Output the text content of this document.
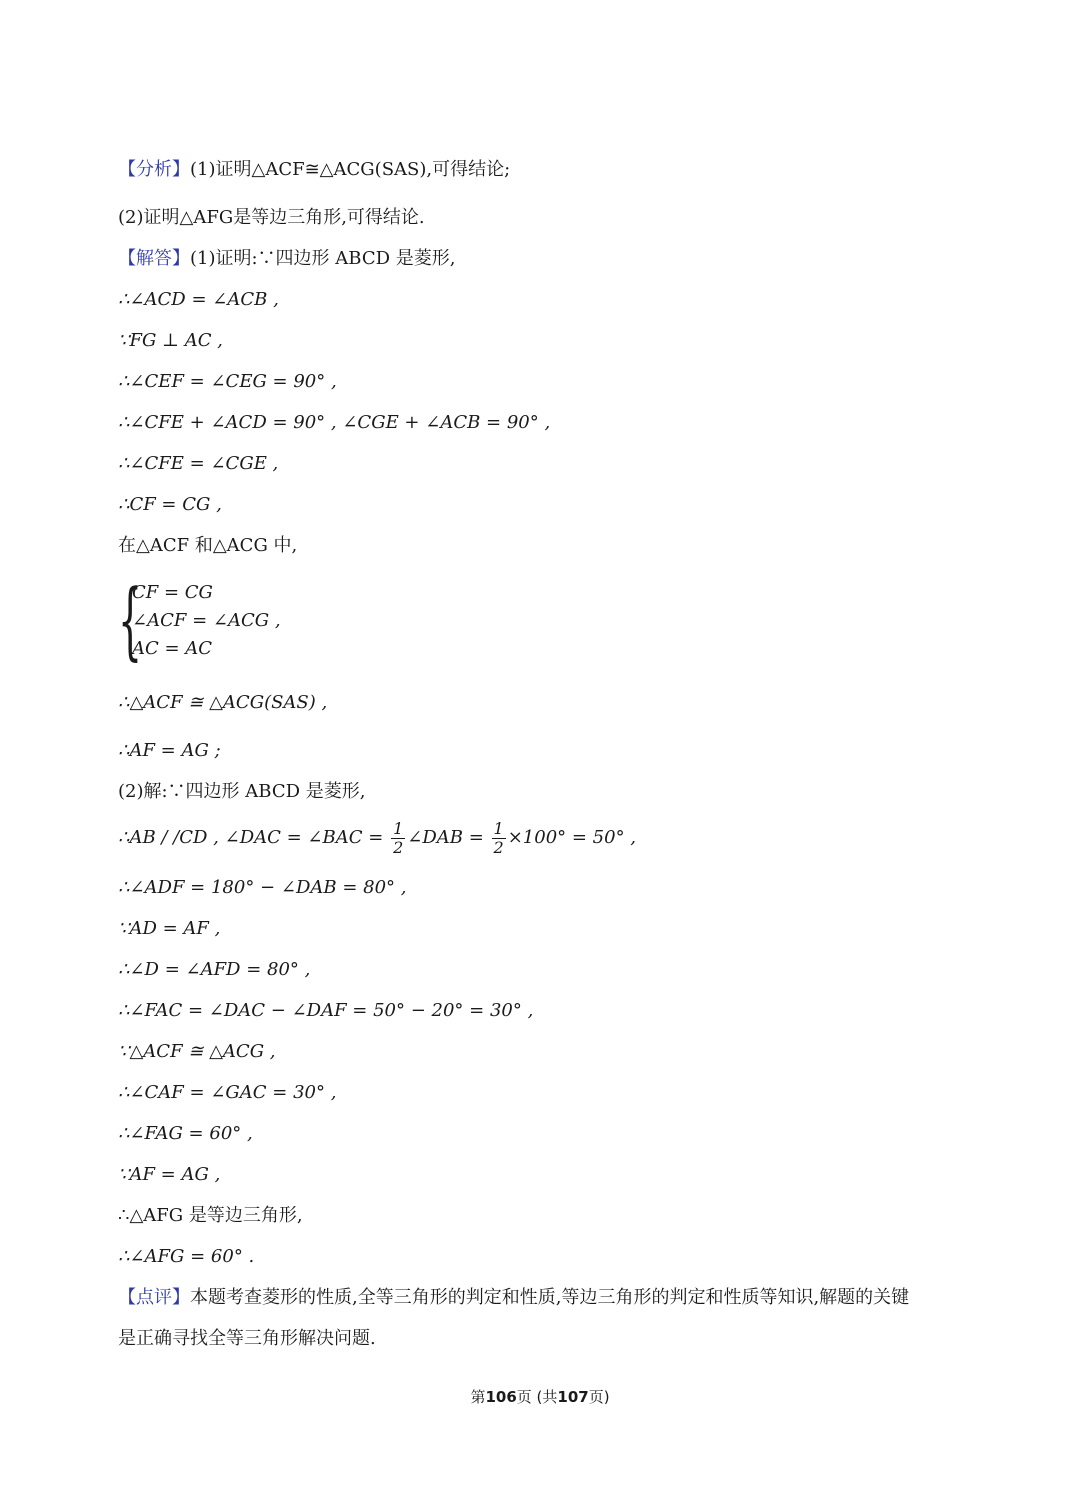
【分析】(1)证明△ACF≅△ACG(SAS),可得结论;
(2)证明△AFG是等边三角形,可得结论.
【解答】(1)证明:∵四边形 ABCD 是菱形,
∴∠ACD = ∠ACB ,
∵FG ⊥ AC ,
∴∠CEF = ∠CEG = 90° ,
∴∠CFE + ∠ACD = 90° , ∠CGE + ∠ACB = 90° ,
∴∠CFE = ∠CGE ,
∴CF = CG ,
在△ACF 和△ACG 中,
{
CF = CG
∠ACF = ∠ACG ,
AC = AC
∴△ACF ≅ △ACG(SAS) ,
∴AF = AG ;
(2)解:∵四边形 ABCD 是菱形,
∴AB / /CD , ∠DAC = ∠BAC = $\frac{1}{2}$ ∠DAB = $\frac{1}{2} \times 100^\circ = 50^\circ$ ,
∴∠ADF = 180° − ∠DAB = 80° ,
∵AD = AF ,
∴∠D = ∠AFD = 80° ,
∴∠FAC = ∠DAC − ∠DAF = 50° − 20° = 30° ,
∵△ACF ≅ △ACG ,
∴∠CAF = ∠GAC = 30° ,
∴∠FAG = 60° ,
∵AF = AG ,
∴△AFG 是等边三角形,
∴∠AFG = 60° .
【点评】本题考查菱形的性质,全等三角形的判定和性质,等边三角形的判定和性质等知识,解题的关键
是正确寻找全等三角形解决问题.
第106页 (共107页)
